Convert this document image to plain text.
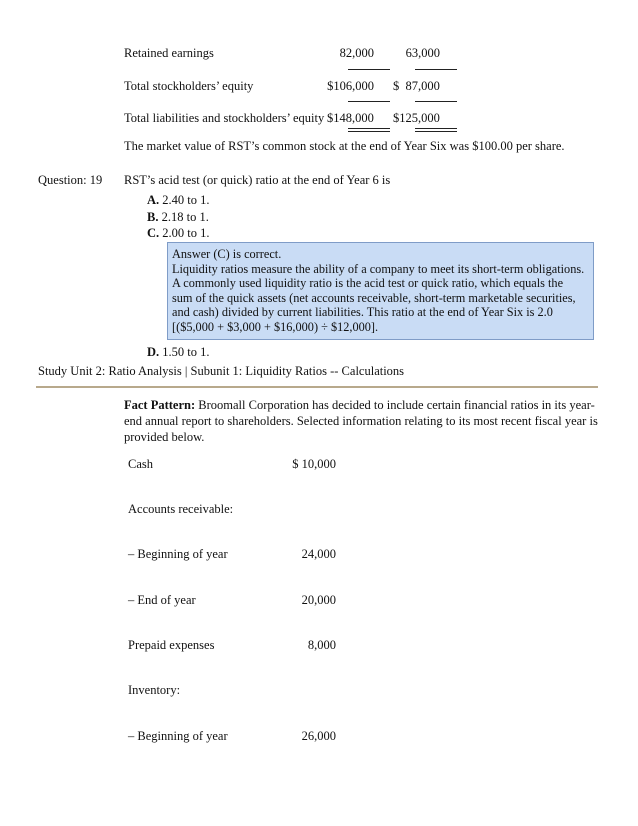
Retained earnings	82,000	63,000
Total stockholders’ equity	$106,000 $  87,000
Total liabilities and stockholders’ equity $148,000 $125,000
The market value of RST’s common stock at the end of Year Six was $100.00 per share.
Question: 19 RST’s acid test (or quick) ratio at the end of Year 6 is
A. 2.40 to 1.
B. 2.18 to 1.
C. 2.00 to 1.
Answer (C) is correct.
Liquidity ratios measure the ability of a company to meet its short-term obligations.
A commonly used liquidity ratio is the acid test or quick ratio, which equals the
sum of the quick assets (net accounts receivable, short-term marketable securities,
and cash) divided by current liabilities. This ratio at the end of Year Six is 2.0
[($5,000 + $3,000 + $16,000) ÷ $12,000].
D. 1.50 to 1.
Study Unit 2: Ratio Analysis | Subunit 1: Liquidity Ratios -- Calculations
Fact Pattern: Broomall Corporation has decided to include certain financial ratios in its year-end annual report to shareholders. Selected information relating to its most recent fiscal year is provided below.
Cash	$ 10,000
Accounts receivable:
– Beginning of year	24,000
– End of year	20,000
Prepaid expenses	8,000
Inventory:
– Beginning of year	26,000
